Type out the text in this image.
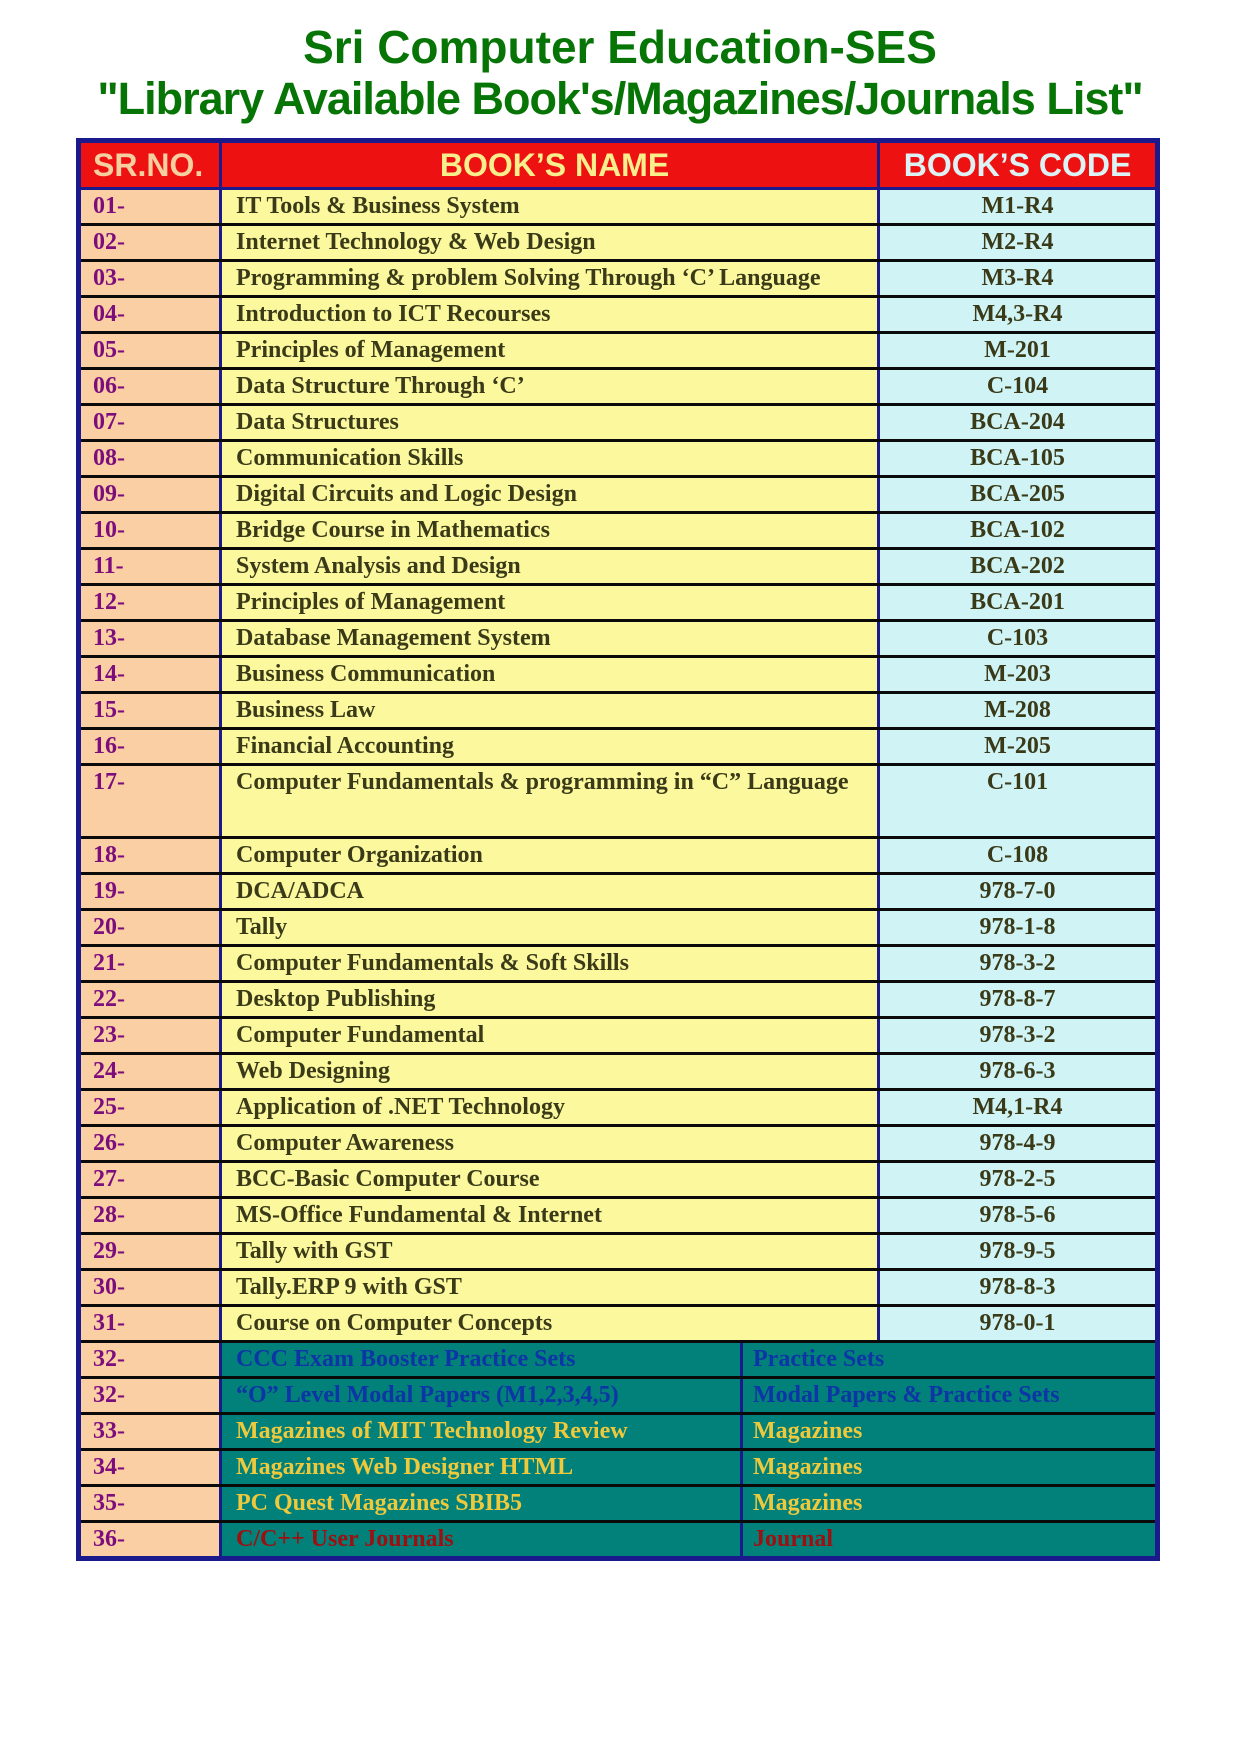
Sri Computer Education-SES
"Library Available Book's/Magazines/Journals List"
SR.NO.	BOOK’S NAME	BOOK’S CODE
01-	IT Tools & Business System	M1-R4
02-	Internet Technology & Web Design	M2-R4
03-	Programming & problem Solving Through ‘C’ Language	M3-R4
04-	Introduction to ICT Recourses	M4,3-R4
05-	Principles of Management	M-201
06-	Data Structure Through ‘C’	C-104
07-	Data Structures	BCA-204
08-	Communication Skills	BCA-105
09-	Digital Circuits and Logic Design	BCA-205
10-	Bridge Course in Mathematics	BCA-102
11-	System Analysis and Design	BCA-202
12-	Principles of Management	BCA-201
13-	Database Management System	C-103
14-	Business Communication	M-203
15-	Business Law	M-208
16-	Financial Accounting	M-205
17-	Computer Fundamentals & programming in “C” Language	C-101
18-	Computer Organization	C-108
19-	DCA/ADCA	978-7-0
20-	Tally	978-1-8
21-	Computer Fundamentals & Soft Skills	978-3-2
22-	Desktop Publishing	978-8-7
23-	Computer Fundamental	978-3-2
24-	Web Designing	978-6-3
25-	Application of .NET Technology	M4,1-R4
26-	Computer Awareness	978-4-9
27-	BCC-Basic Computer Course	978-2-5
28-	MS-Office Fundamental & Internet	978-5-6
29-	Tally with GST	978-9-5
30-	Tally.ERP 9 with GST	978-8-3
31-	Course on Computer Concepts	978-0-1
32-	CCC Exam Booster Practice Sets	Practice Sets
32-	“O” Level Modal Papers (M1,2,3,4,5)	Modal Papers & Practice Sets
33-	Magazines of MIT Technology Review	Magazines
34-	Magazines Web Designer HTML	Magazines
35-	PC Quest Magazines SBIB5	Magazines
36-	C/C++ User Journals	Journal
